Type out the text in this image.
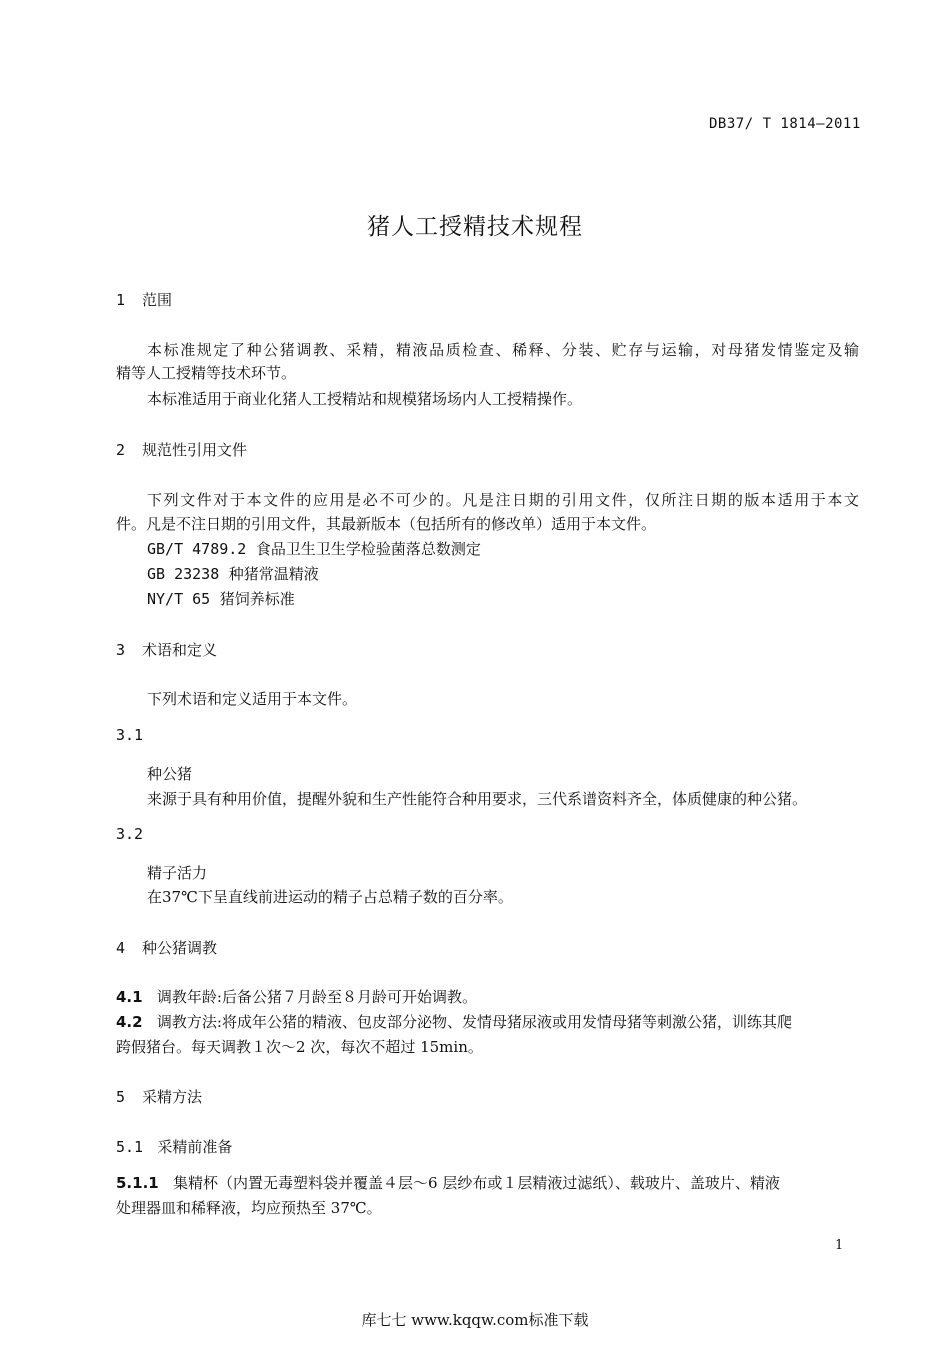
DB37/ T 1814—2011
猪人工授精技术规程
1 范围
本标准规定了种公猪调教、采精，精液品质检查、稀释、分装、贮存与运输，对母猪发情鉴定及输
精等人工授精等技术环节。
本标准适用于商业化猪人工授精站和规模猪场场内人工授精操作。
2 规范性引用文件
下列文件对于本文件的应用是必不可少的。凡是注日期的引用文件，仅所注日期的版本适用于本文
件。凡是不注日期的引用文件，其最新版本（包括所有的修改单）适用于本文件。
GB/T 4789.2 食品卫生卫生学检验菌落总数测定
GB 23238 种猪常温精液
NY/T 65 猪饲养标准
3 术语和定义
下列术语和定义适用于本文件。
3.1
种公猪
来源于具有种用价值，提醒外貌和生产性能符合种用要求，三代系谱资料齐全，体质健康的种公猪。
3.2
精子活力
在37℃下呈直线前进运动的精子占总精子数的百分率。
4 种公猪调教
4.1 调教年龄:后备公猪７月龄至８月龄可开始调教。
4.2 调教方法:将成年公猪的精液、包皮部分泌物、发情母猪尿液或用发情母猪等刺激公猪，训练其爬
跨假猪台。每天调教１次～2 次，每次不超过 15min。
5 采精方法
5.1 采精前准备
5.1.1 集精杯（内置无毒塑料袋并覆盖４层～6 层纱布或１层精液过滤纸）、载玻片、盖玻片、精液
处理器皿和稀释液，均应预热至 37℃。
1
库七七 www.kqqw.com标准下载
